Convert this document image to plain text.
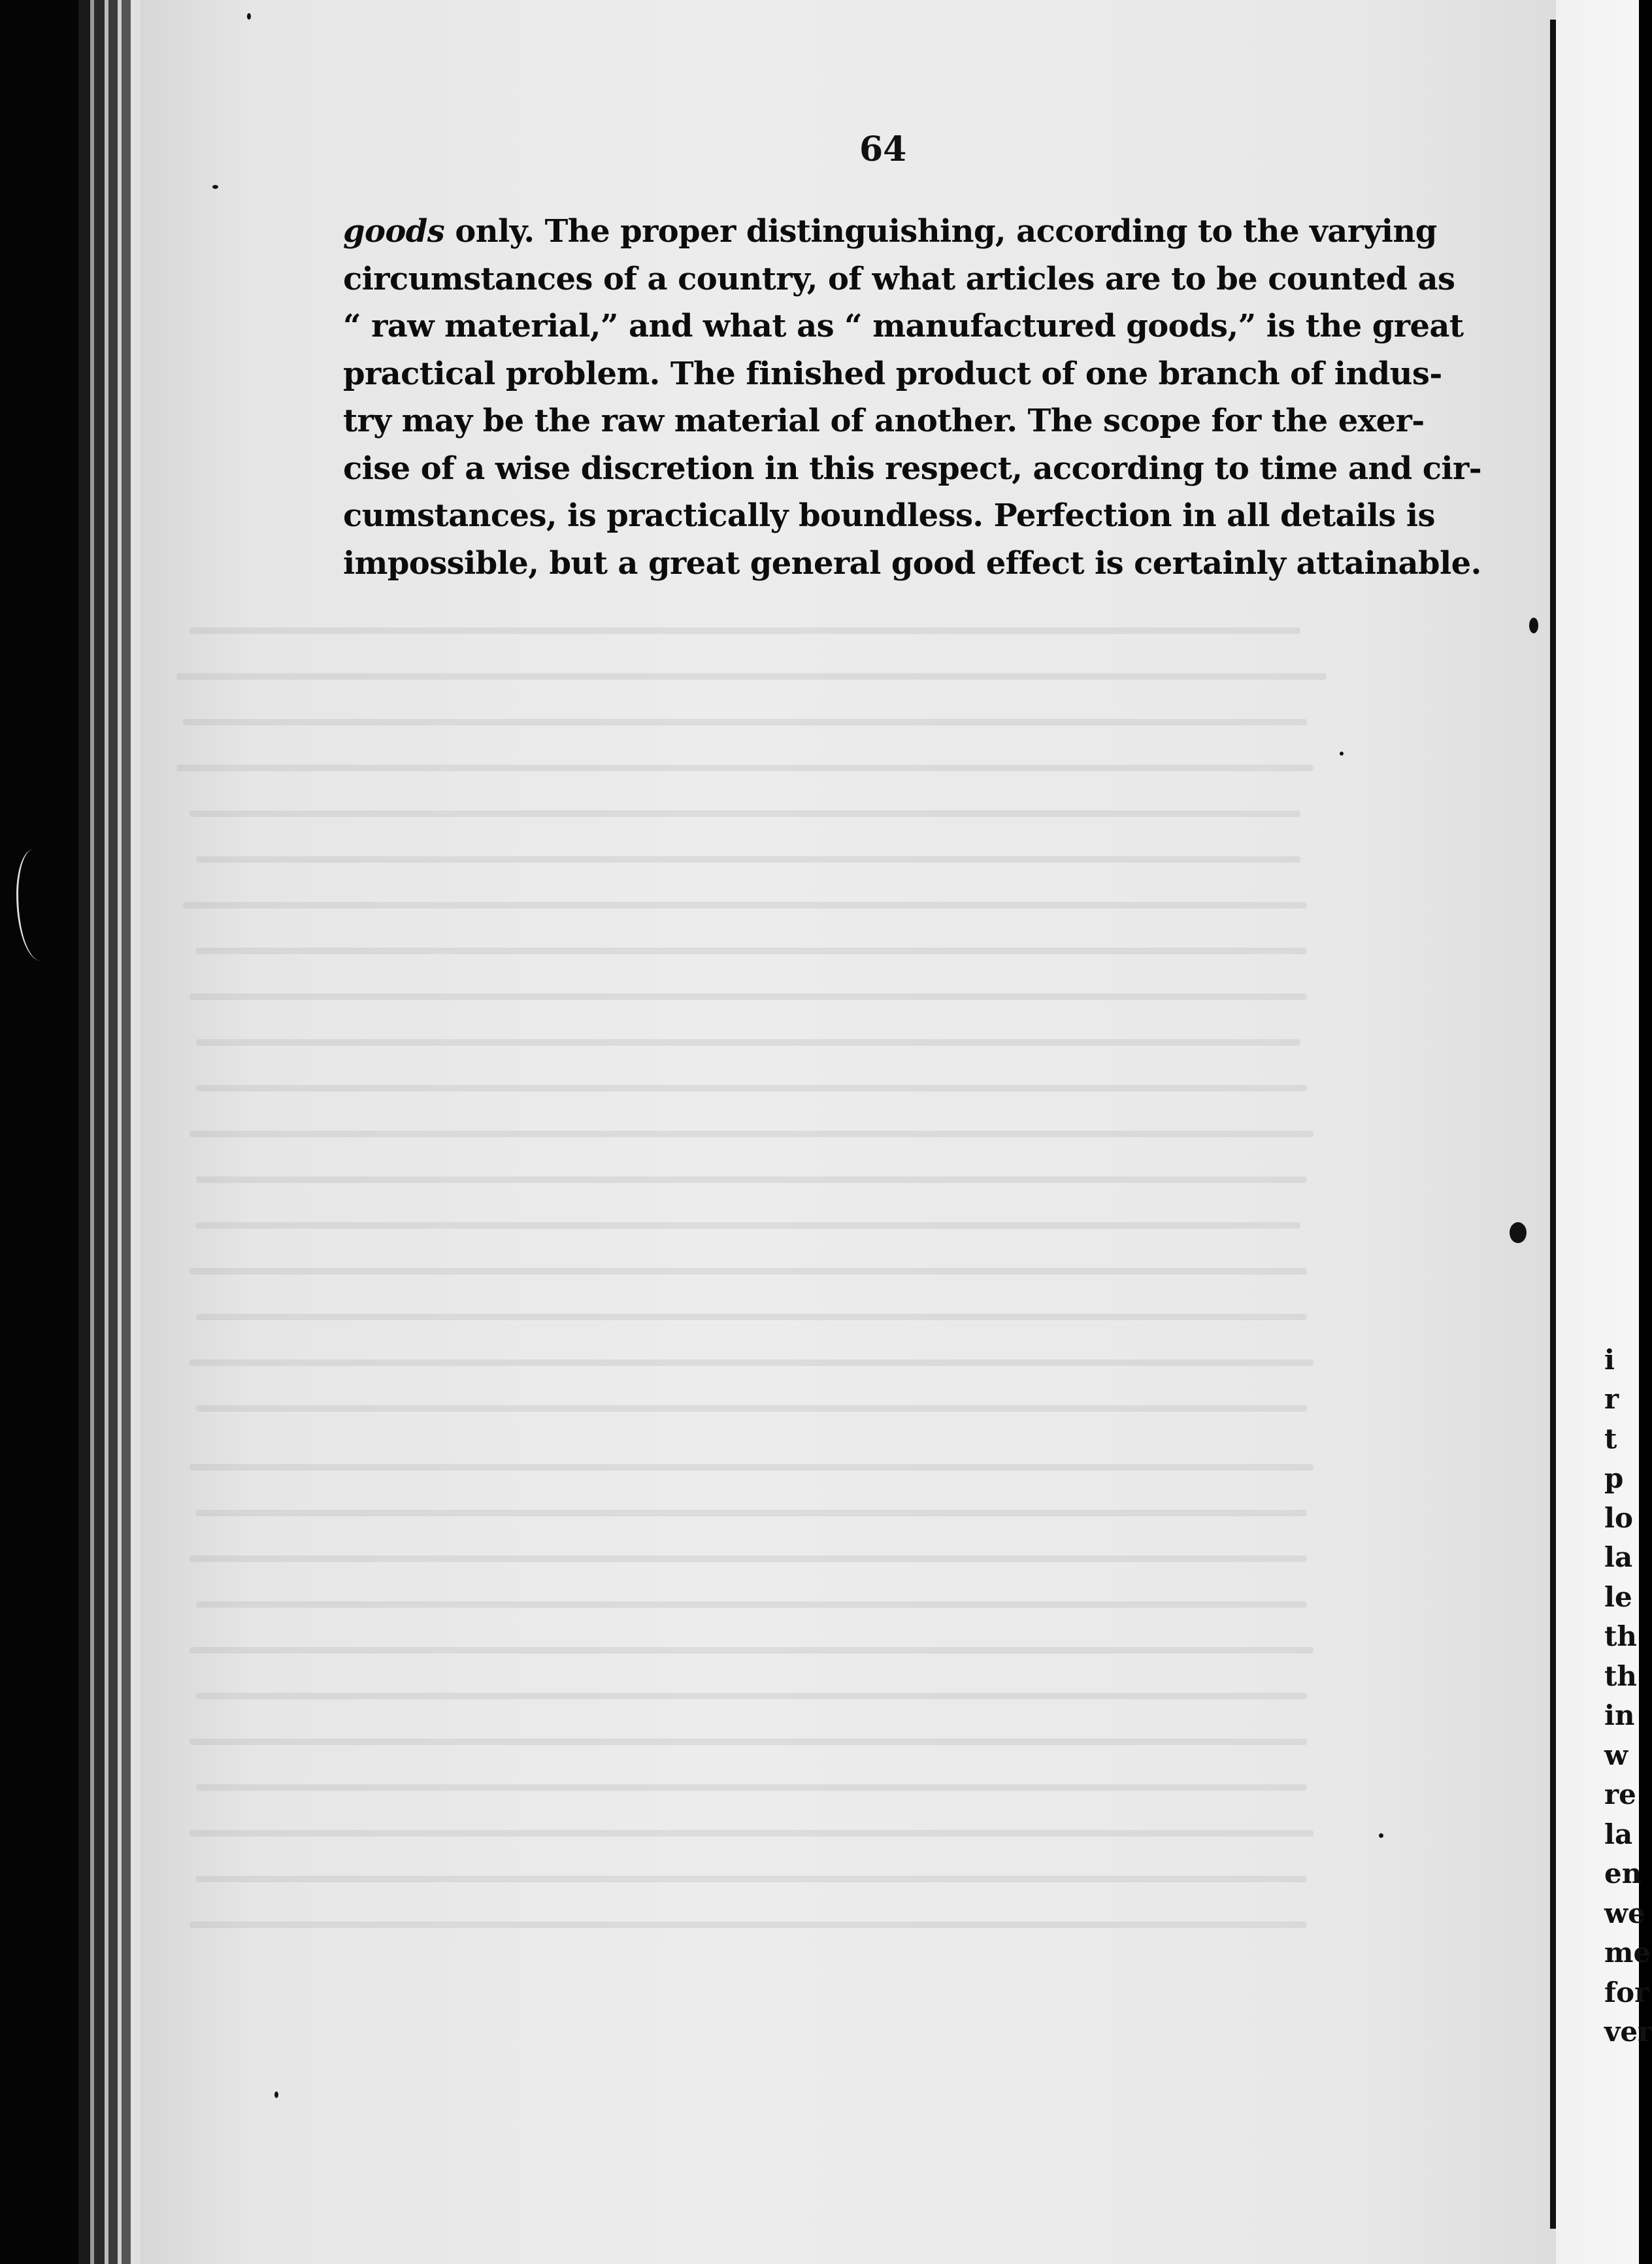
64
goods only. The proper distinguishing, according to the varying
circumstances of a country, of what articles are to be counted as
“ raw material,” and what as “ manufactured goods,” is the great
practical problem. The finished product of one branch of indus-
try may be the raw material of another. The scope for the exer-
cise of a wise discretion in this respect, according to time and cir-
cumstances, is practically boundless. Perfection in all details is
impossible, but a great general good effect is certainly attainable.

i
r
t
p
lo
la
le
th
th
in
w
re
la
en
we
me
for
ver
